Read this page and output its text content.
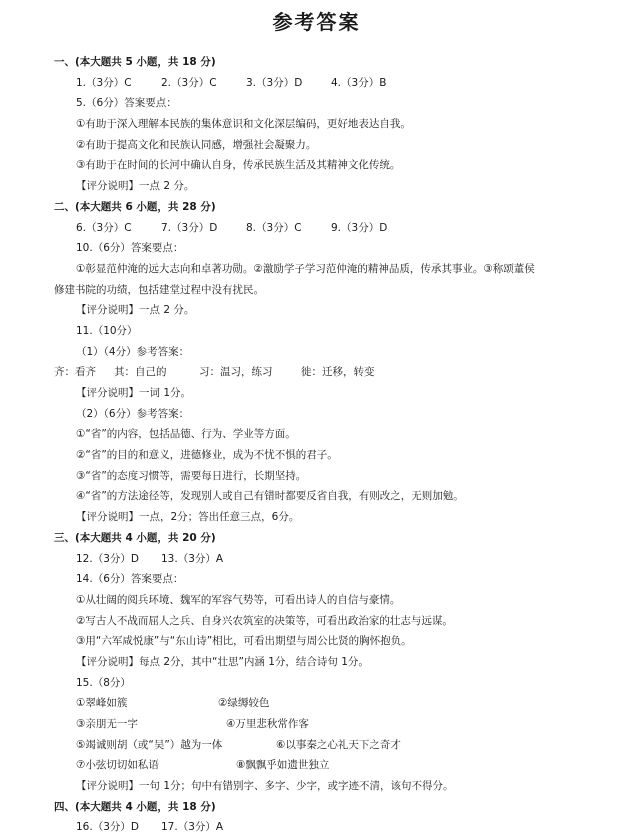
参考答案
一、(本大题共 5 小题，共 18 分)
1.（3分）C	2.（3分）C	3.（3分）D	4.（3分）B
5.（6分）答案要点：
①有助于深入理解本民族的集体意识和文化深层编码，更好地表达自我。
②有助于提高文化和民族认同感，增强社会凝聚力。
③有助于在时间的长河中确认自身，传承民族生活及其精神文化传统。
【评分说明】一点 2 分。
二、(本大题共 6 小题，共 28 分)
6.（3分）C	7.（3分）D	8.（3分）C	9.（3分）D
10.（6分）答案要点：
①彰显范仲淹的远大志向和卓著功勋。②激励学子学习范仲淹的精神品质，传承其事业。③称颂董侯
修建书院的功绩，包括建堂过程中没有扰民。
【评分说明】一点 2 分。
11.（10分）
（1）（4分）参考答案：
齐：看齐 其：自己的	习：温习，练习	徙：迁移，转变
【评分说明】一词 1分。
（2）（6分）参考答案：
①“省”的内容，包括品德、行为、学业等方面。
②“省”的目的和意义，进德修业，成为不忧不惧的君子。
③“省”的态度习惯等，需要每日进行，长期坚持。
④“省”的方法途径等，发现别人或自己有错时都要反省自我，有则改之，无则加勉。
【评分说明】一点，2分；答出任意三点，6分。
三、(本大题共 4 小题，共 20 分)
12.（3分）D 13.（3分）A
14.（6分）答案要点：
①从壮阔的阅兵环境、魏军的军容气势等，可看出诗人的自信与豪情。
②写古人不战而屈人之兵、自身兴农筑室的决策等，可看出政治家的壮志与远谋。
③用“六军咸悦康”与“东山诗”相比，可看出期望与周公比贤的胸怀抱负。
【评分说明】每点 2分，其中“壮思”内涵 1分，结合诗句 1分。
15.（8分）
①翠峰如簇	②绿缛较色
③亲朋无一字	④万里悲秋常作客
⑤竭诚则胡（或“吴”）越为一体	⑥以事秦之心礼天下之奇才
⑦小弦切切如私语	⑧飘飘乎如遗世独立
【评分说明】一句 1分；句中有错别字、多字、少字，或字迹不清，该句不得分。
四、(本大题共 4 小题，共 18 分)
16.（3分）D 17.（3分）A
